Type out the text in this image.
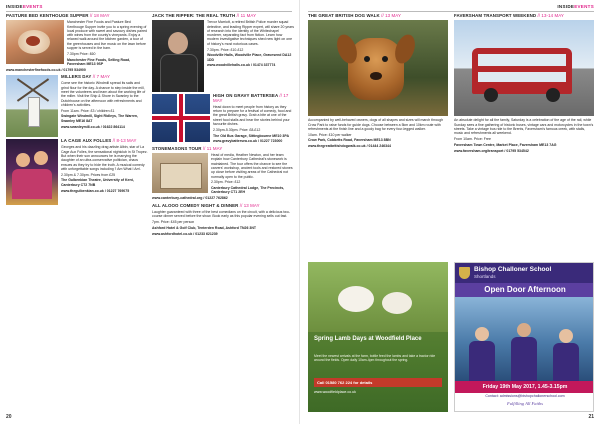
INSIDEEVENTS
PASTURE BED KENTHOUGE SUPPER // 18 MAY

Manchester Fine Foods and Pasture Bed Kenthouge Supper invite you to a spring evening of local produce with sweet and savoury dishes paired with wines from the county's vineyards. Enjoy a relaxed walk around the kitchen garden, a tour of the greenhouses and live music on the lawn before supper is served in the barn.

7.30pm Price: £60

Manchester Fine Foods, Selling Road, Faversham ME13 9SP

www.manchesterfinefoods.co.uk / 01795 534900

MILLERS DAY // 7 MAY

Come see the historic Windmill spread its sails and grind flour for the day. A chance to step inside the mill, meet the volunteers and learn about the working life of the miller. Visit the Ship & Shore in Swanley to the Dutchhouse on the afternoon with refreshments and children's activities.

From 11am. Price: £3 / children £1

Swingate Windmill, Sight Ridleys, The Warren, Swanley ME16 8AT

www.swanleymill.co.uk / 01622 864114

LA CAGE AUX FOLLES // 8-13 MAY

Georges and his dazzling drag artiste Albin, star of La Cage Aux Folles, the sensational nightclub in St Tropez. But when their son announces he is marrying the daughter of an ultra-conservative politician, chaos ensues as they try to hide the truth. A musical comedy with unforgettable songs including 'I Am What I Am'.

2.30pm & 7.30pm. Prices from £25

The Gulbenkian Theatre, University of Kent, Canterbury CT2 7NB

www.thegulbenkian.co.uk / 01227 769075

JACK THE RIPPER: THE REAL TRUTH // 11 MAY

Trevor Marriott, a retired British Police murder squad detective, and leading Ripper expert, will share 20 years of research into the identity of the Whitechapel murderer, separating fact from fiction. Learn how modern investigative techniques shed new light on one of history's most notorious cases.

7.30pm. Price: £10-£12

Woodville Halls, Woodville Place, Gravesend DA12 1DD

www.woodvillehalls.co.uk / 01474 337774

HIGH ON GRAVY BATTERSEA // 17 MAY

Head down to meet people from history as they return to prepare for a festival of comedy, food and the great British gravy. Grab a bite at one of the street food stalls and hear the stories behind your favourite dishes.

2.30pm-5.30pm. Price: £8-£12

The Old Bus Garage, Sittingbourne ME10 3PA

www.gravybattersea.co.uk / 01227 723000

STONEMASONS TOUR // 11 MAY

Head of media, Heather Newton, and her team explain how Canterbury Cathedral's stonework is maintained. The tour offers the chance to see the carvers' workshop, ancient tools and restored stones up close before visiting areas of the Cathedral not normally open to the public.

2.30pm. Price: £12

Canterbury Cathedral Lodge, The Precincts, Canterbury CT1 2EH

www.canterbury-cathedral.org / 01227 762862

ALL ALOOO COMEDY NIGHT & DINNER // 13 MAY

Laughter guaranteed with three of the best comedians on the circuit, with a delicious two-course dinner served before the show. Book early as this popular evening sells out fast.

7pm. Price: £45 per person

Ashford Hotel & Golf Club, Tenterden Road, Ashford TN26 3NT

www.ashfordhotel.co.uk / 01233 621239

20
INSIDEEVENTS
THE GREAT BRITISH DOG WALK // 13 MAY

Accompanied by well-behaved owners, dogs of all shapes and sizes will march through Crow Park to raise funds for guide dogs. Choose between a 5km and 10km route with refreshments at the finish line and a goody bag for every four-legged walker.

10am. Price: £10 per walker

Crow Park, Cobbetts Road, Faversham ME13 8BN

www.thegreatbritishdogwalk.co.uk / 01444 246344

FAVERSHAM TRANSPORT WEEKEND // 13-14 MAY

An absolute delight for all the family, Saturday is a celebration of the age of the rail, while Sunday sees a fine gathering of historic buses, vintage cars and motorcycles in the town's streets. Take a vintage bus ride to the Brents, Faversham's famous creek, with stalls, music and refreshments all weekend.

From 10am. Price: Free

Faversham Town Centre, Market Place, Faversham ME13 7AG

www.faversham.org/transport / 01795 534542

Spring Lamb Days at Woodfield Place
Meet the newest arrivals at the farm, bottle feed the lambs and take a tractor ride around the fields. Open daily 10am-4pm throughout the spring.
Call 01580 762 224 for details
www.woodfieldplace.co.uk
Bishop Challoner School
Shortlands
Open Door Afternoon
Friday 19th May 2017, 1.45-3.15pm
Contact: admissions@bishopchallonerschool.com
Fulfilling All Faiths
21
